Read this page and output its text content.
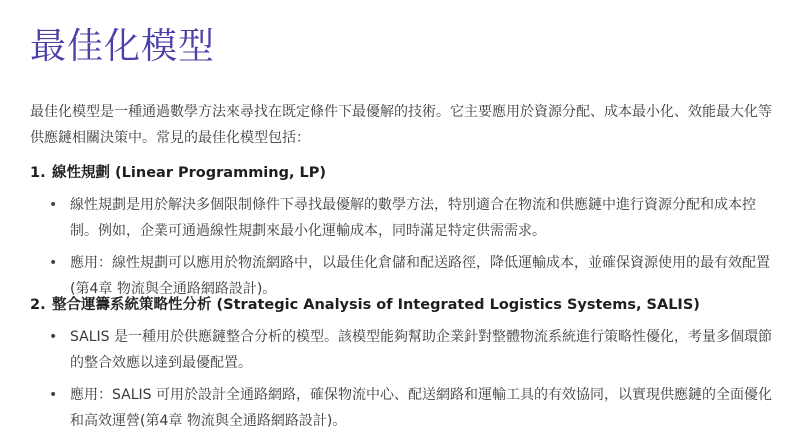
最佳化模型

最佳化模型是一種通過數學方法來尋找在既定條件下最優解的技術。它主要應用於資源分配、成本最小化、效能最大化等供應鏈相關決策中。常見的最佳化模型包括：

1. 線性規劃 (Linear Programming, LP)

• 線性規劃是用於解決多個限制條件下尋找最優解的數學方法，特別適合在物流和供應鏈中進行資源分配和成本控制。例如，企業可通過線性規劃來最小化運輸成本，同時滿足特定供需需求。
• 應用：線性規劃可以應用於物流網路中，以最佳化倉儲和配送路徑，降低運輸成本，並確保資源使用的最有效配置(第4章 物流與全通路網路設計)。

2. 整合運籌系統策略性分析 (Strategic Analysis of Integrated Logistics Systems, SALIS)

• SALIS 是一種用於供應鏈整合分析的模型。該模型能夠幫助企業針對整體物流系統進行策略性優化，考量多個環節的整合效應以達到最優配置。
• 應用：SALIS 可用於設計全通路網路，確保物流中心、配送網路和運輸工具的有效協同，以實現供應鏈的全面優化和高效運營(第4章 物流與全通路網路設計)。
